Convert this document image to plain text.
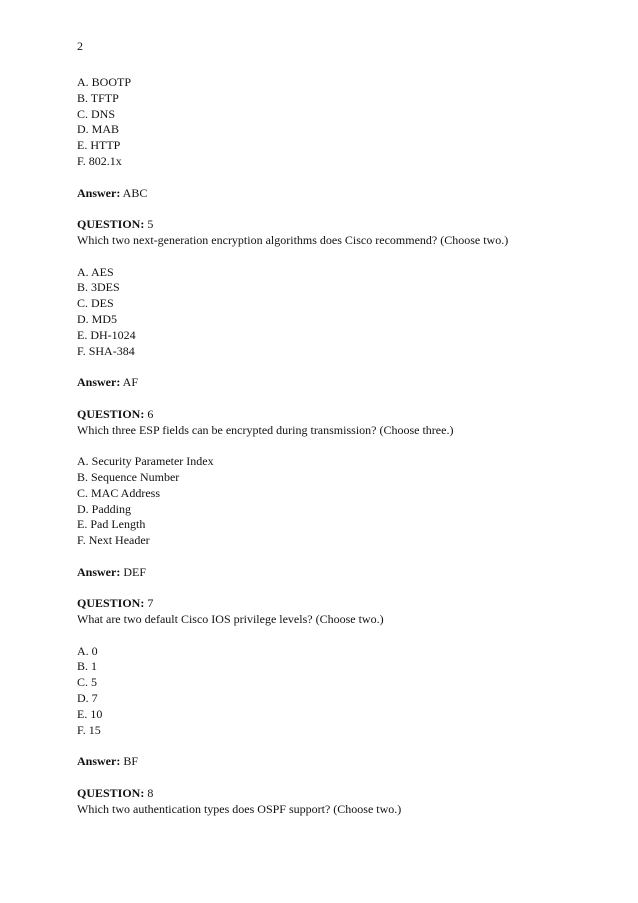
2
A. BOOTP
B. TFTP
C. DNS
D. MAB
E. HTTP
F. 802.1x
Answer: ABC
QUESTION: 5
Which two next-generation encryption algorithms does Cisco recommend? (Choose two.)
A. AES
B. 3DES
C. DES
D. MD5
E. DH-1024
F. SHA-384
Answer: AF
QUESTION: 6
Which three ESP fields can be encrypted during transmission? (Choose three.)
A. Security Parameter Index
B. Sequence Number
C. MAC Address
D. Padding
E. Pad Length
F. Next Header
Answer: DEF
QUESTION: 7
What are two default Cisco IOS privilege levels? (Choose two.)
A. 0
B. 1
C. 5
D. 7
E. 10
F. 15
Answer: BF
QUESTION: 8
Which two authentication types does OSPF support? (Choose two.)
